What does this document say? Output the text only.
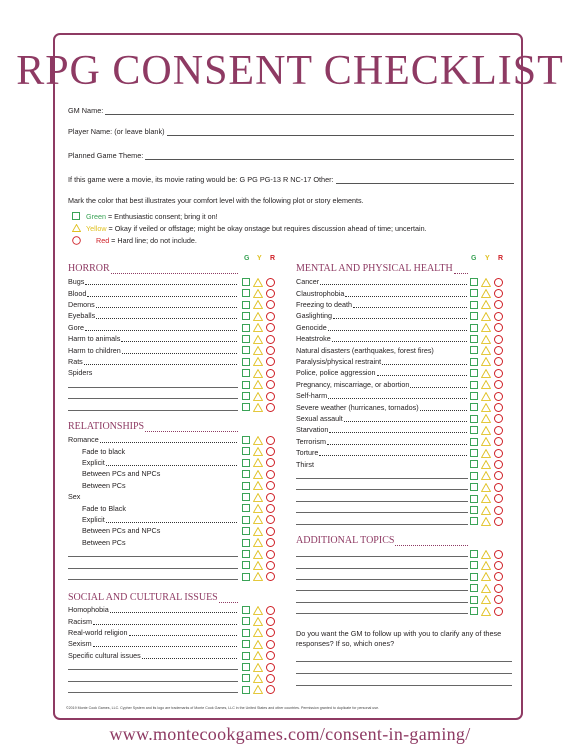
RPG CONSENT CHECKLIST
GM Name:
Player Name: (or leave blank)
Planned Game Theme:
If this game were a movie, its movie rating would be: G PG PG-13 R NC-17 Other:
Mark the color that best illustrates your comfort level with the following plot or story elements.
Green = Enthusiastic consent; bring it on!
Yellow = Okay if veiled or offstage; might be okay onstage but requires discussion ahead of time; uncertain.
Red = Hard line; do not include.
G Y R	G Y R
HORROR
RELATIONSHIPS
SOCIAL AND CULTURAL ISSUES
MENTAL AND PHYSICAL HEALTH
ADDITIONAL TOPICS
Bugs
Blood
Demons
Eyeballs
Gore
Harm to animals
Harm to children
Rats
Spiders
Romance
Fade to black
Explicit
Between PCs and NPCs
Between PCs
Sex
Fade to Black
Explicit
Between PCs and NPCs
Between PCs
Homophobia
Racism
Real-world religion
Sexism
Specific cultural issues
Cancer
Claustrophobia
Freezing to death
Gaslighting
Genocide
Heatstroke
Natural disasters (earthquakes, forest fires)
Paralysis/physical restraint
Police, police aggression
Pregnancy, miscarriage, or abortion
Self-harm
Severe weather (hurricanes, tornados)
Sexual assault
Starvation
Terrorism
Torture
Thirst
Do you want the GM to follow up with you to clarify any of these responses? If so, which ones?
©2019 Monte Cook Games, LLC. Cypher System and its logo are trademarks of Monte Cook Games, LLC in the United States and other countries. Permission granted to duplicate for personal use.
www.montecookgames.com/consent-in-gaming/
